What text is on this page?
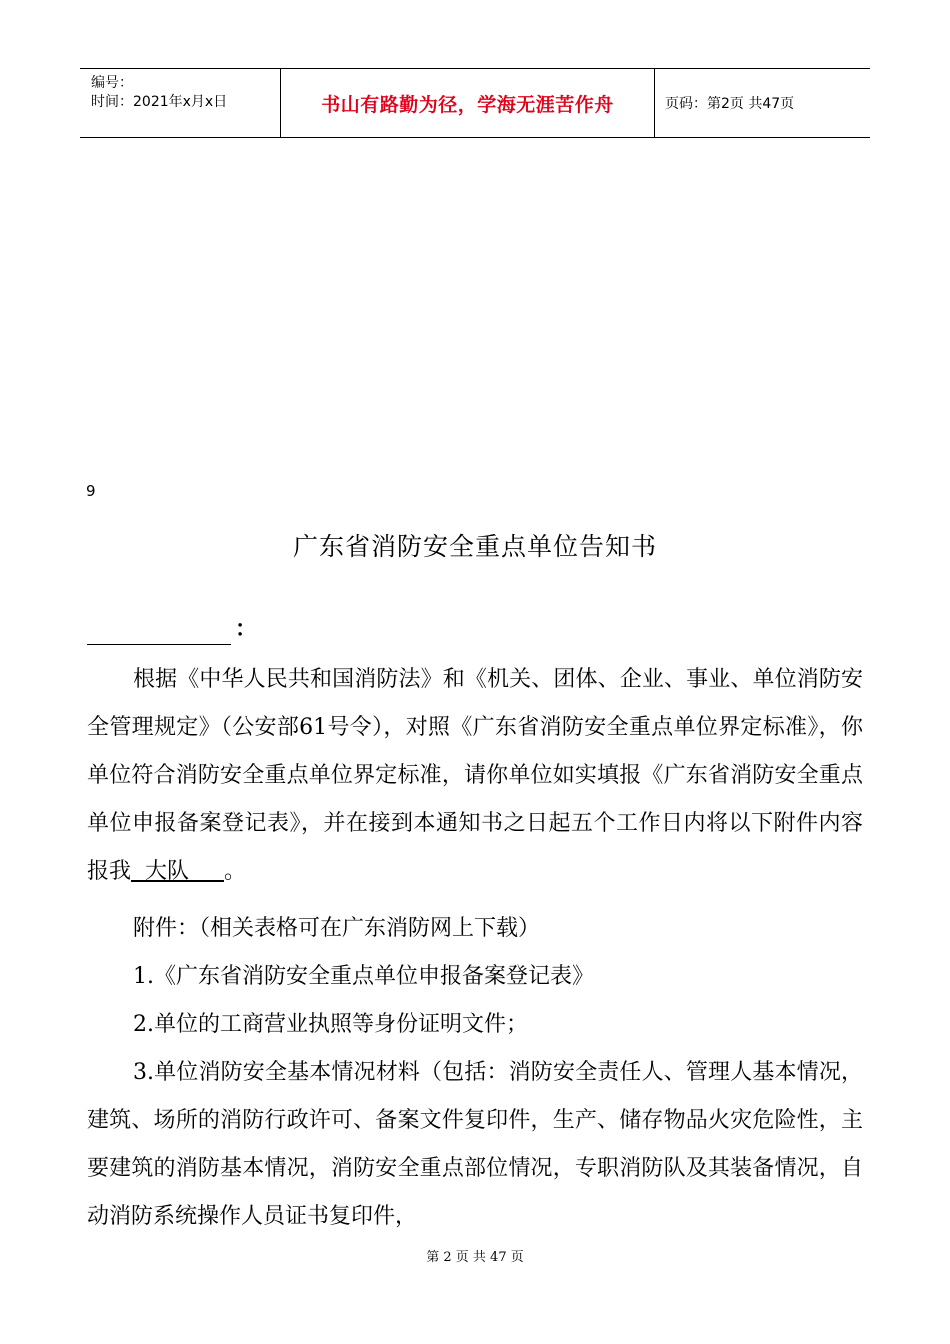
编号：
时间：2021年x月x日	书山有路勤为径，学海无涯苦作舟	页码：第2页 共47页
9
广东省消防安全重点单位告知书
：

根据《中华人民共和国消防法》和《机关、团体、企业、事业、单位消防安全管理规定》（公安部61号令），对照《广东省消防安全重点单位界定标准》，你单位符合消防安全重点单位界定标准，请你单位如实填报《广东省消防安全重点单位申报备案登记表》，并在接到本通知书之日起五个工作日内将以下附件内容报我  大队     。

附件：（相关表格可在广东消防网上下载）
1.《广东省消防安全重点单位申报备案登记表》
2.单位的工商营业执照等身份证明文件；

3.单位消防安全基本情况材料（包括：消防安全责任人、管理人基本情况，建筑、场所的消防行政许可、备案文件复印件，生产、储存物品火灾危险性，主要建筑的消防基本情况，消防安全重点部位情况，专职消防队及其装备情况，自动消防系统操作人员证书复印件，

第 2 页 共 47 页
